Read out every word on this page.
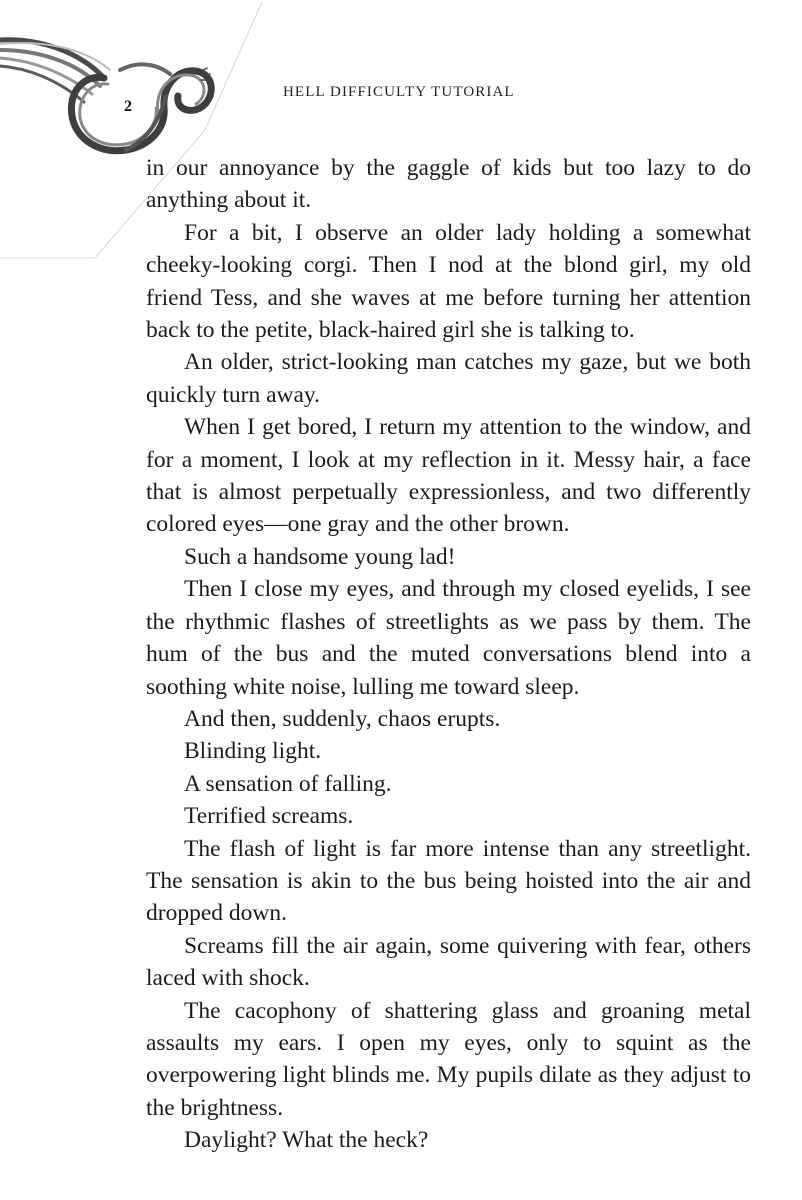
2
HELL DIFFICULTY TUTORIAL

in our annoyance by the gaggle of kids but too lazy to do anything about it.

For a bit, I observe an older lady holding a somewhat cheeky-looking corgi. Then I nod at the blond girl, my old friend Tess, and she waves at me before turning her attention back to the petite, black-haired girl she is talking to.

An older, strict-looking man catches my gaze, but we both quickly turn away.

When I get bored, I return my attention to the window, and for a moment, I look at my reflection in it. Messy hair, a face that is almost perpetually expressionless, and two differently colored eyes—one gray and the other brown.

Such a handsome young lad!

Then I close my eyes, and through my closed eyelids, I see the rhythmic flashes of streetlights as we pass by them. The hum of the bus and the muted conversations blend into a soothing white noise, lulling me toward sleep.

And then, suddenly, chaos erupts.

Blinding light.

A sensation of falling.

Terrified screams.

The flash of light is far more intense than any streetlight. The sensation is akin to the bus being hoisted into the air and dropped down.

Screams fill the air again, some quivering with fear, others laced with shock.

The cacophony of shattering glass and groaning metal assaults my ears. I open my eyes, only to squint as the overpowering light blinds me. My pupils dilate as they adjust to the brightness.

Daylight? What the heck?
